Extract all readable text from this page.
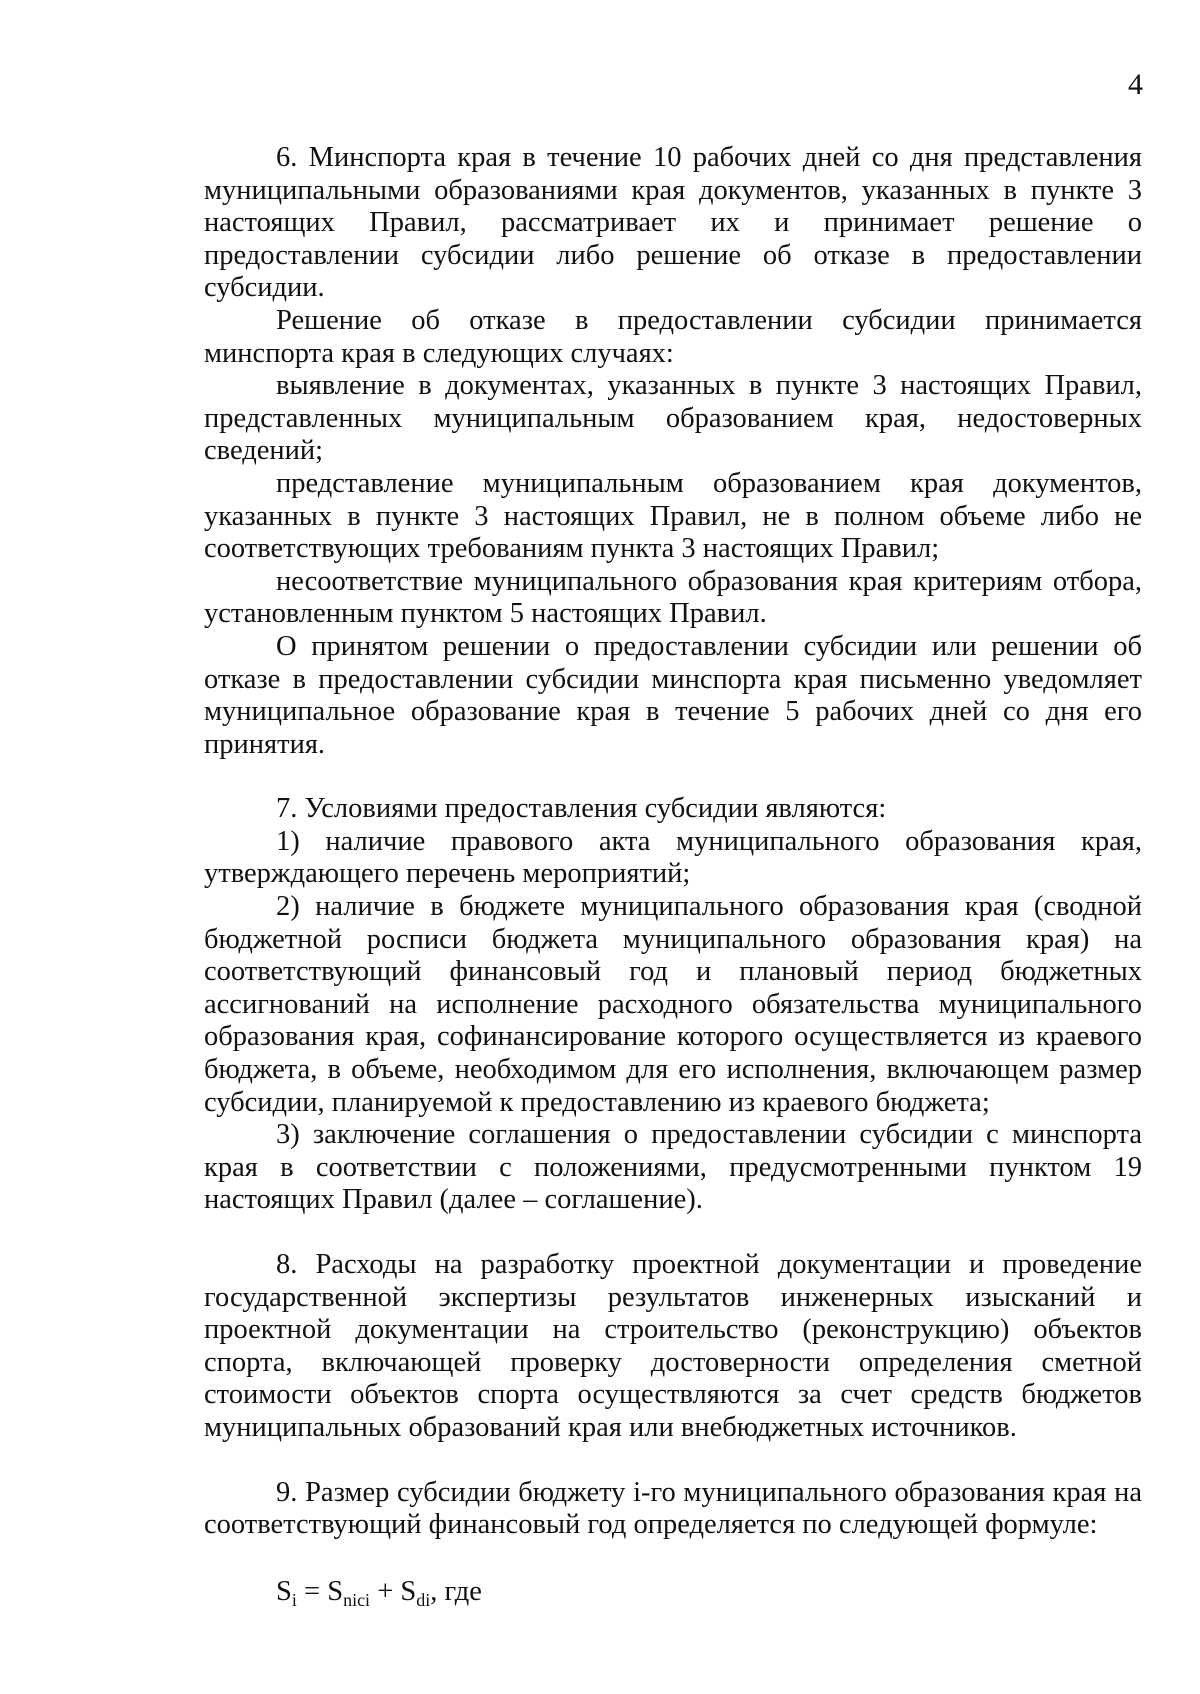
4

6. Минспорта края в течение 10 рабочих дней со дня представления муниципальными образованиями края документов, указанных в пункте 3 настоящих Правил, рассматривает их и принимает решение о предоставлении субсидии либо решение об отказе в предоставлении субсидии.

Решение об отказе в предоставлении субсидии принимается минспорта края в следующих случаях:

выявление в документах, указанных в пункте 3 настоящих Правил, представленных муниципальным образованием края, недостоверных сведений;

представление муниципальным образованием края документов, указанных в пункте 3 настоящих Правил, не в полном объеме либо не соответствующих требованиям пункта 3 настоящих Правил;

несоответствие муниципального образования края критериям отбора, установленным пунктом 5 настоящих Правил.

О принятом решении о предоставлении субсидии или решении об отказе в предоставлении субсидии минспорта края письменно уведомляет муниципальное образование края в течение 5 рабочих дней со дня его принятия.

7. Условиями предоставления субсидии являются:

1) наличие правового акта муниципального образования края, утверждающего перечень мероприятий;

2) наличие в бюджете муниципального образования края (сводной бюджетной росписи бюджета муниципального образования края) на соответствующий финансовый год и плановый период бюджетных ассигнований на исполнение расходного обязательства муниципального образования края, софинансирование которого осуществляется из краевого бюджета, в объеме, необходимом для его исполнения, включающем размер субсидии, планируемой к предоставлению из краевого бюджета;

3) заключение соглашения о предоставлении субсидии с минспорта края в соответствии с положениями, предусмотренными пунктом 19 настоящих Правил (далее – соглашение).

8. Расходы на разработку проектной документации и проведение государственной экспертизы результатов инженерных изысканий и проектной документации на строительство (реконструкцию) объектов спорта, включающей проверку достоверности определения сметной стоимости объектов спорта осуществляются за счет средств бюджетов муниципальных образований края или внебюджетных источников.

9. Размер субсидии бюджету i-го муниципального образования края на соответствующий финансовый год определяется по следующей формуле:

$S_i = S_{nici} + S_{di}$, где
